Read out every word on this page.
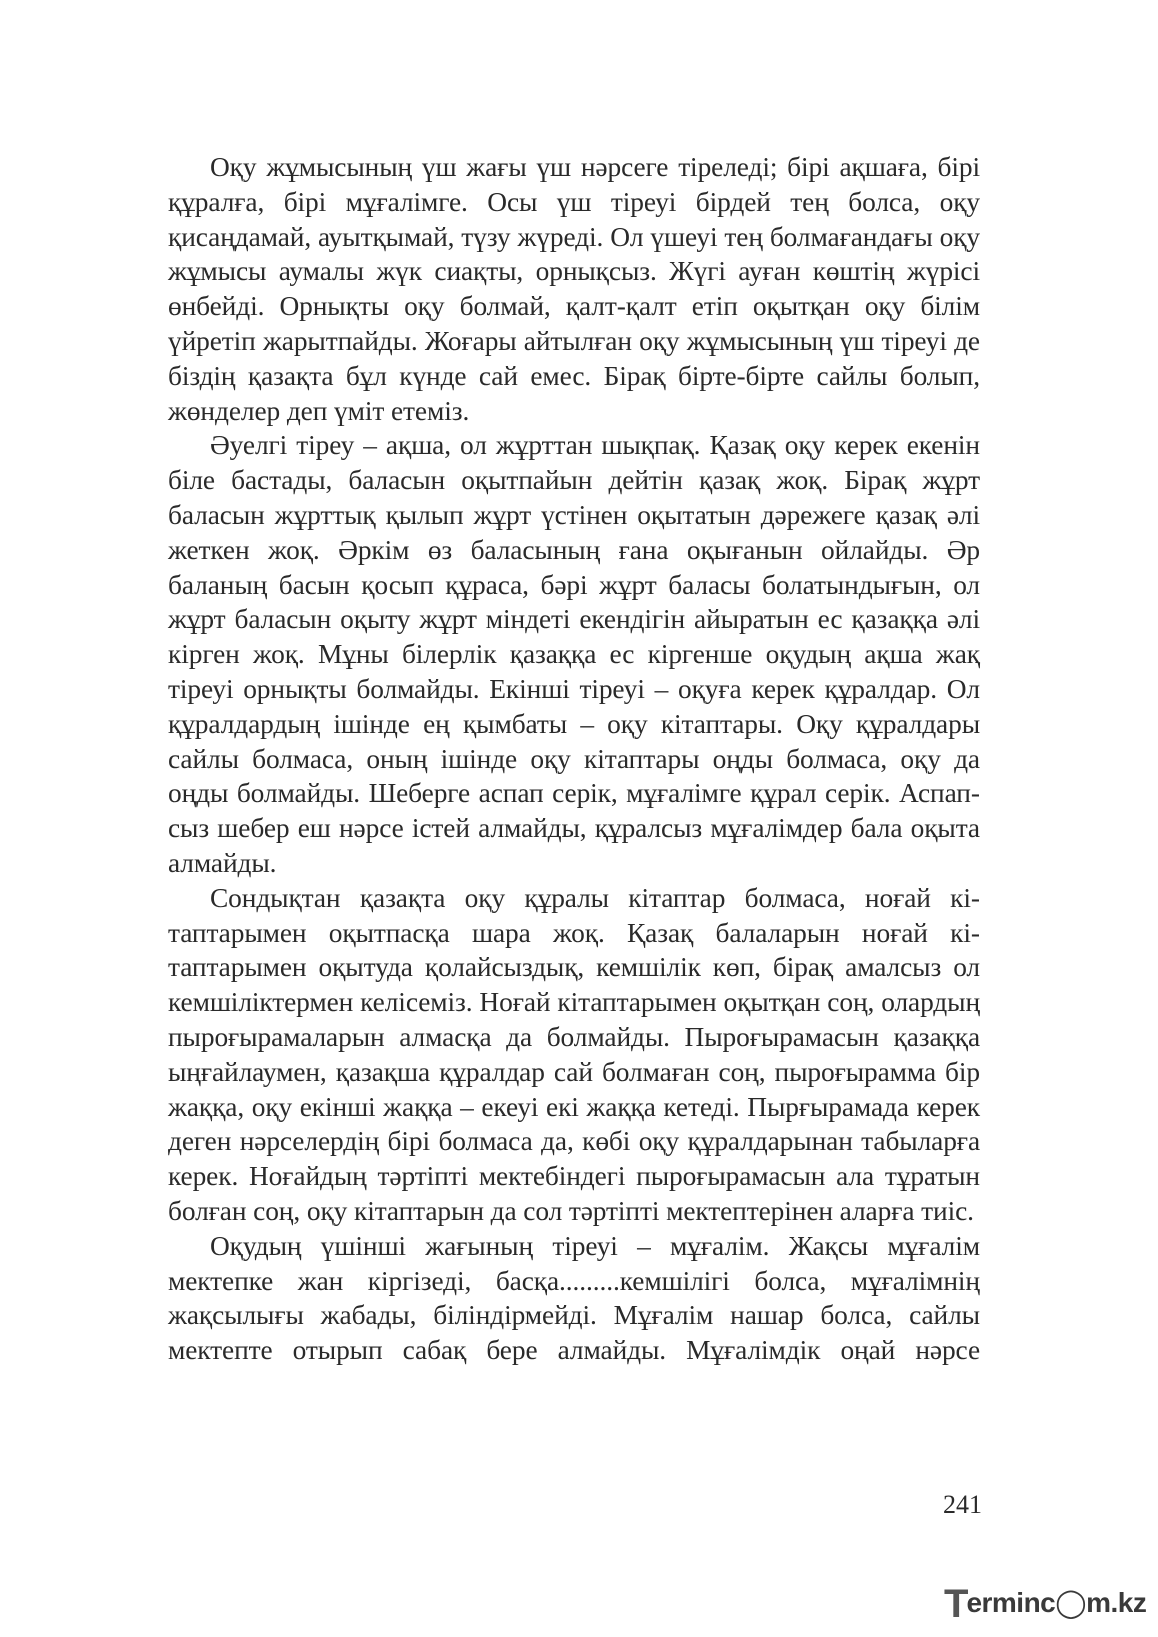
Оқу жұмысының үш жағы үш нәрсеге тіреледі; бірі ақшаға, бірі құралға, бірі мұғалімге. Осы үш тіреуі бірдей тең болса, оқу қисаңдамай, ауытқымай, түзу жүреді. Ол үшеуі тең болмағандағы оқу жұмысы аумалы жүк сиақты, орнықсыз. Жүгі ауған көштің жүрісі өнбейді. Орнықты оқу болмай, қалт-қалт етіп оқытқан оқу білім үйретіп жарытпайды. Жоғары айтылған оқу жұмысының үш тіреуі де біздің қазақта бұл күнде сай емес. Бірақ бірте-бірте сайлы болып, жөнделер деп үміт етеміз.

Әуелгі тіреу – ақша, ол жұрттан шықпақ. Қазақ оқу керек екенін біле бастады, баласын оқытпайын дейтін қазақ жоқ. Бірақ жұрт баласын жұрттық қылып жұрт үстінен оқытатын дәрежеге қазақ әлі жеткен жоқ. Әркім өз баласының ғана оқығанын ойлайды. Әр баланың басын қосып құраса, бәрі жұрт баласы болатындығын, ол жұрт баласын оқыту жұрт міндеті екендігін айыратын ес қазаққа әлі кірген жоқ. Мұны білерлік қазаққа ес кіргенше оқудың ақша жақ тіреуі орнықты болмайды. Екінші тіреуі – оқуға керек құралдар. Ол құралдардың ішінде ең қымбаты – оқу кітаптары. Оқу құралдары сайлы болмаса, оның ішінде оқу кітаптары оңды болмаса, оқу да оңды болмайды. Шеберге аспап серік, мұғалімге құрал серік. Аспапсыз шебер еш нәрсе істей алмайды, құралсыз мұғалімдер бала оқыта алмайды.

Сондықтан қазақта оқу құралы кітаптар болмаса, ноғай кітаптарымен оқытпасқа шара жоқ. Қазақ балаларын ноғай кітаптарымен оқытуда қолайсыздық, кемшілік көп, бірақ амалсыз ол кемшіліктермен келісеміз. Ноғай кітаптарымен оқытқан соң, олардың пыроғырамаларын алмасқа да болмайды. Пыроғырамасын қазаққа ыңғайлаумен, қазақша құралдар сай болмаған соң, пыроғырамма бір жаққа, оқу екінші жаққа – екеуі екі жаққа кетеді. Пырғырамада керек деген нәрселердің бірі болмаса да, көбі оқу құралдарынан табыларға керек. Ноғайдың тәртіпті мектебіндегі пыроғырамасын ала тұратын болған соң, оқу кітаптарын да сол тәртіпті мектептерінен аларға тиіс.

Оқудың үшінші жағының тіреуі – мұғалім. Жақсы мұғалім мектепке жан кіргізеді, басқа.........кемшілігі болса, мұғалімнің жақсылығы жабады, біліндірмейді. Мұғалім нашар болса, сайлы мектепте отырып сабақ бере алмайды. Мұғалімдік оңай нәрсе

241
T
erminc◯m.kz
